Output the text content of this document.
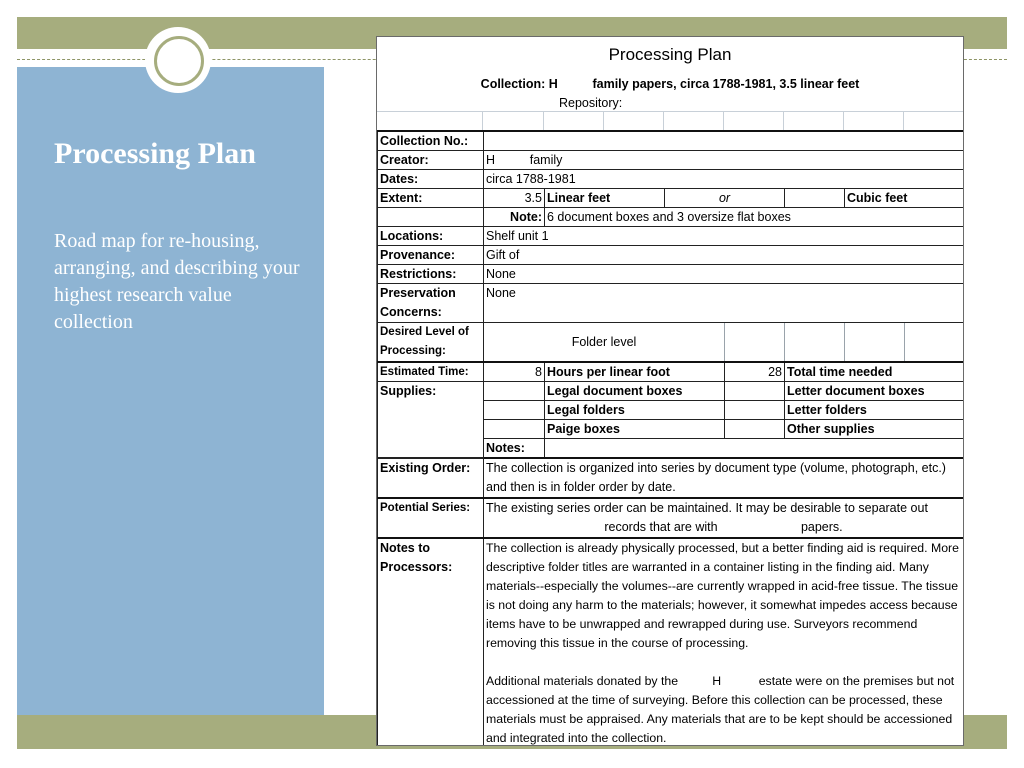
Processing Plan
Road map for re-housing, arranging, and describing your highest research value collection
Processing Plan
Collection: H          family papers, circa 1788-1981, 3.5 linear feet
Repository:
Collection No.:							
Creator:	H          family						
Dates:	circa 1788-1981						
Extent:	3.5	Linear feet	or			Cubic feet	
	Note:	6 document boxes and 3 oversize flat boxes					
Locations:	Shelf unit 1						
Provenance:	Gift of						
Restrictions:	None						
Preservation Concerns:	None						
Desired Level of Processing:	Folder level						
Estimated Time:	8	Hours per linear foot		28	Total time needed		
Supplies:		Legal document boxes			Letter document boxes		
		Legal folders			Letter folders		
		Paige boxes			Other supplies		
	Notes:						
Existing Order:	The collection is organized into series by document type (volume, photograph, etc.) and then is in folder order by date.						
Potential Series:	The existing series order can be maintained. It may be desirable to separate out
records that are with                        papers.						

Notes to Processors:	The collection is already physically processed, but a better finding aid is required. More descriptive folder titles are warranted in a container listing in the finding aid. Many materials--especially the volumes--are currently wrapped in acid-free tissue. The tissue is not doing any harm to the materials; however, it somewhat impedes access because items have to be unwrapped and rewrapped during use. Surveyors recommend removing this tissue in the course of processing.
Additional materials donated by the          H           estate were on the premises but not accessioned at the time of surveying. Before this collection can be processed, these materials must be appraised. Any materials that are to be kept should be accessioned and integrated into the collection.						
